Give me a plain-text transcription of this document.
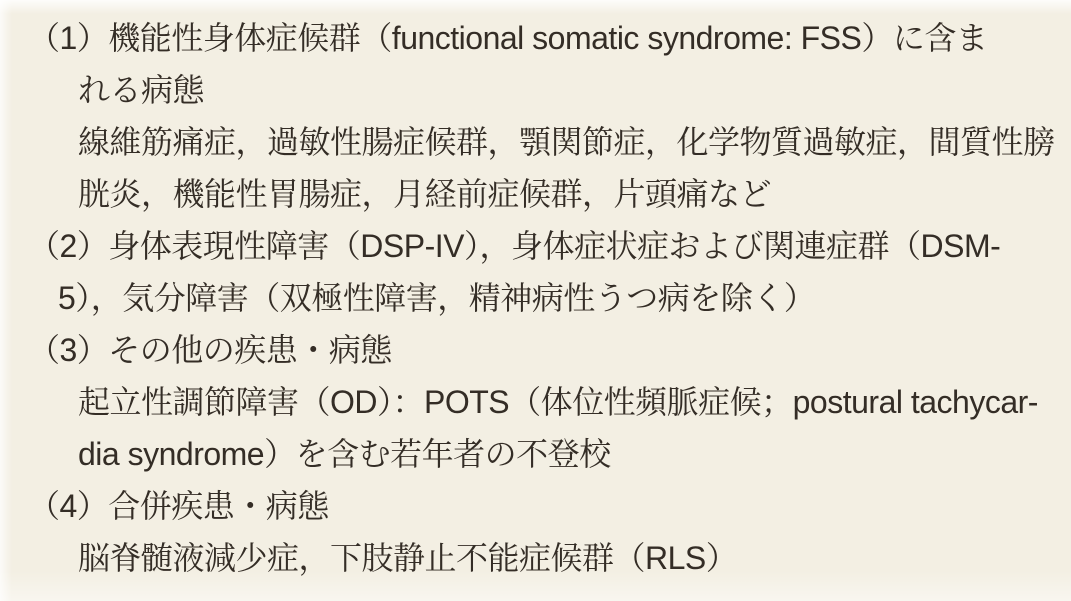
（1）機能性身体症候群（functional somatic syndrome: FSS）に含ま
れる病態
線維筋痛症，過敏性腸症候群，顎関節症，化学物質過敏症，間質性膀
胱炎，機能性胃腸症，月経前症候群，片頭痛など
（2）身体表現性障害（DSP-IV），身体症状症および関連症群（DSM-
5），気分障害（双極性障害，精神病性うつ病を除く）
（3）その他の疾患・病態
起立性調節障害（OD）：POTS（体位性頻脈症候；postural tachycar-
dia syndrome）を含む若年者の不登校
（4）合併疾患・病態
脳脊髄液減少症，下肢静止不能症候群（RLS）
